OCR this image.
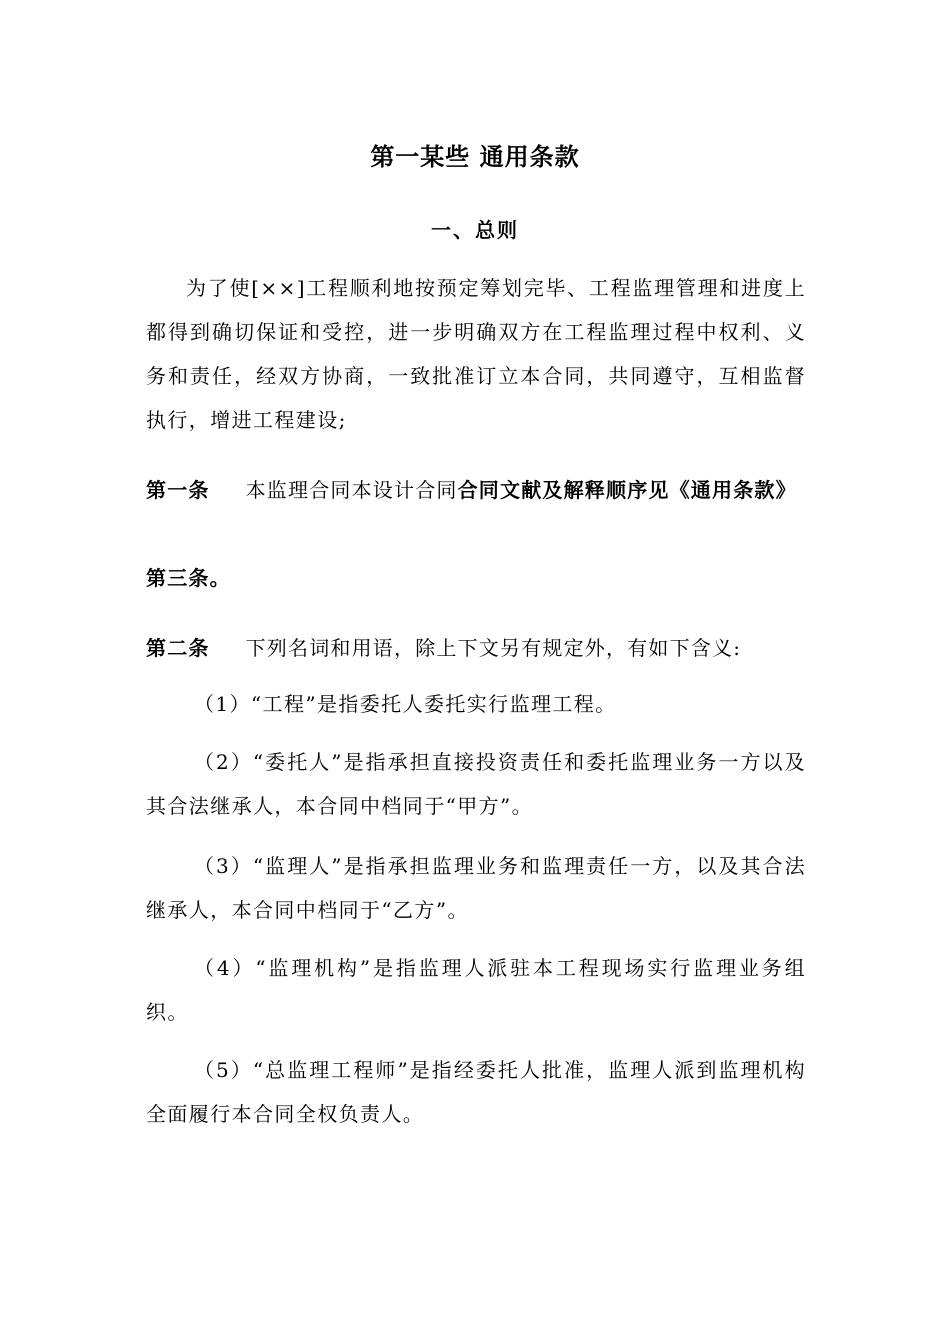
第一某些 通用条款
一、总则
为了使[××]工程顺利地按预定筹划完毕、工程监理管理和进度上都得到确切保证和受控，进一步明确双方在工程监理过程中权利、义务和责任，经双方协商，一致批准订立本合同，共同遵守，互相监督执行，增进工程建设;
第一条 本监理合同本设计合同合同文献及解释顺序见《通用条款》第三条。
第二条 下列名词和用语，除上下文另有规定外，有如下含义:
（1）“工程”是指委托人委托实行监理工程。
（2）“委托人”是指承担直接投资责任和委托监理业务一方以及其合法继承人，本合同中档同于“甲方”。
（3）“监理人”是指承担监理业务和监理责任一方，以及其合法继承人，本合同中档同于“乙方”。
（4）“监理机构”是指监理人派驻本工程现场实行监理业务组织。
（5）“总监理工程师”是指经委托人批准，监理人派到监理机构全面履行本合同全权负责人。
